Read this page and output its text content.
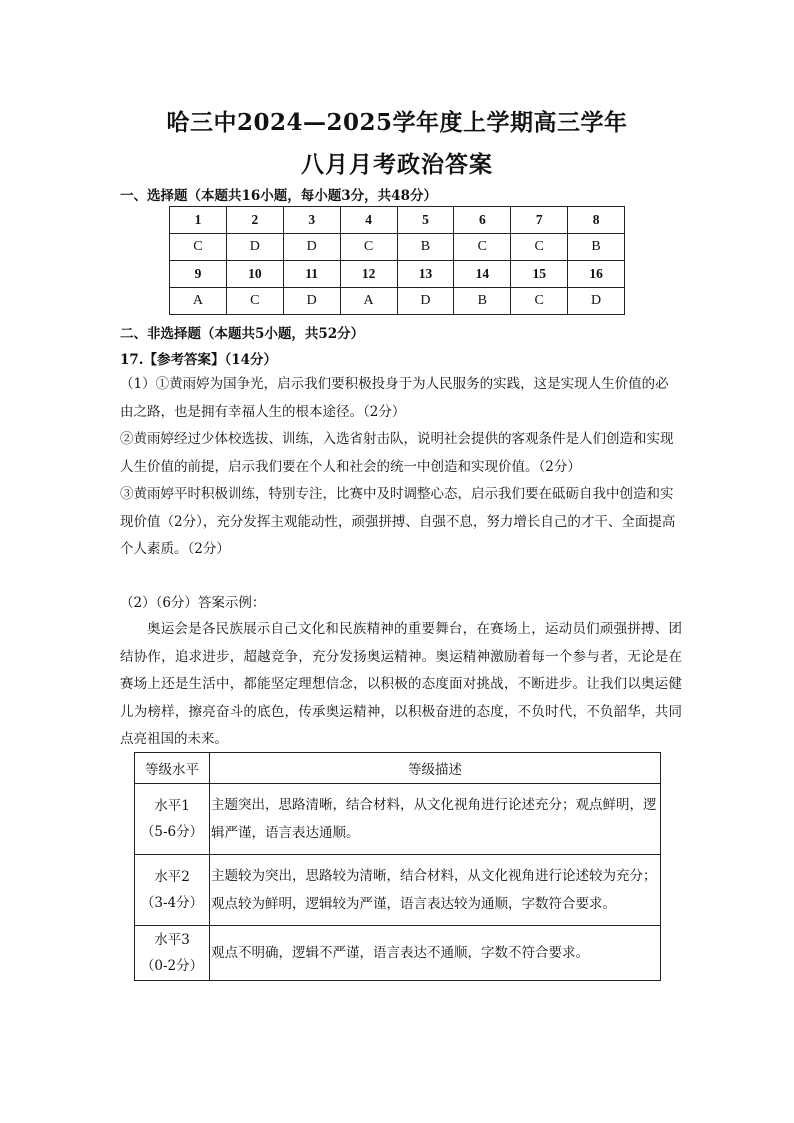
哈三中2024—2025学年度上学期高三学年
八月月考政治答案
一、选择题（本题共16小题，每小题3分，共48分）
1	2	3	4	5	6	7	8
C	D	D	C	B	C	C	B
9	10	11	12	13	14	15	16
A	C	D	A	D	B	C	D
二、非选择题（本题共5小题，共52分）
17.【参考答案】（14分）
（1）①黄雨婷为国争光，启示我们要积极投身于为人民服务的实践，这是实现人生价值的必由之路，也是拥有幸福人生的根本途径。（2分）
②黄雨婷经过少体校选拔、训练，入选省射击队，说明社会提供的客观条件是人们创造和实现人生价值的前提，启示我们要在个人和社会的统一中创造和实现价值。（2分）
③黄雨婷平时积极训练，特别专注，比赛中及时调整心态，启示我们要在砥砺自我中创造和实现价值（2分），充分发挥主观能动性，顽强拼搏、自强不息，努力增长自己的才干、全面提高个人素质。（2分）
（2）（6分）答案示例：
奥运会是各民族展示自己文化和民族精神的重要舞台，在赛场上，运动员们顽强拼搏、团结协作，追求进步，超越竞争，充分发扬奥运精神。奥运精神激励着每一个参与者，无论是在赛场上还是生活中，都能坚定理想信念，以积极的态度面对挑战，不断进步。让我们以奥运健儿为榜样，擦亮奋斗的底色，传承奥运精神，以积极奋进的态度，不负时代，不负韶华，共同点亮祖国的未来。
等级水平	等级描述

水平1
（5-6分）	主题突出，思路清晰，结合材料，从文化视角进行论述充分；观点鲜明，逻辑严谨，语言表达通顺。

水平2
（3-4分）	主题较为突出，思路较为清晰，结合材料，从文化视角进行论述较为充分；观点较为鲜明，逻辑较为严谨，语言表达较为通顺，字数符合要求。

水平3
（0-2分）	观点不明确，逻辑不严谨，语言表达不通顺，字数不符合要求。
